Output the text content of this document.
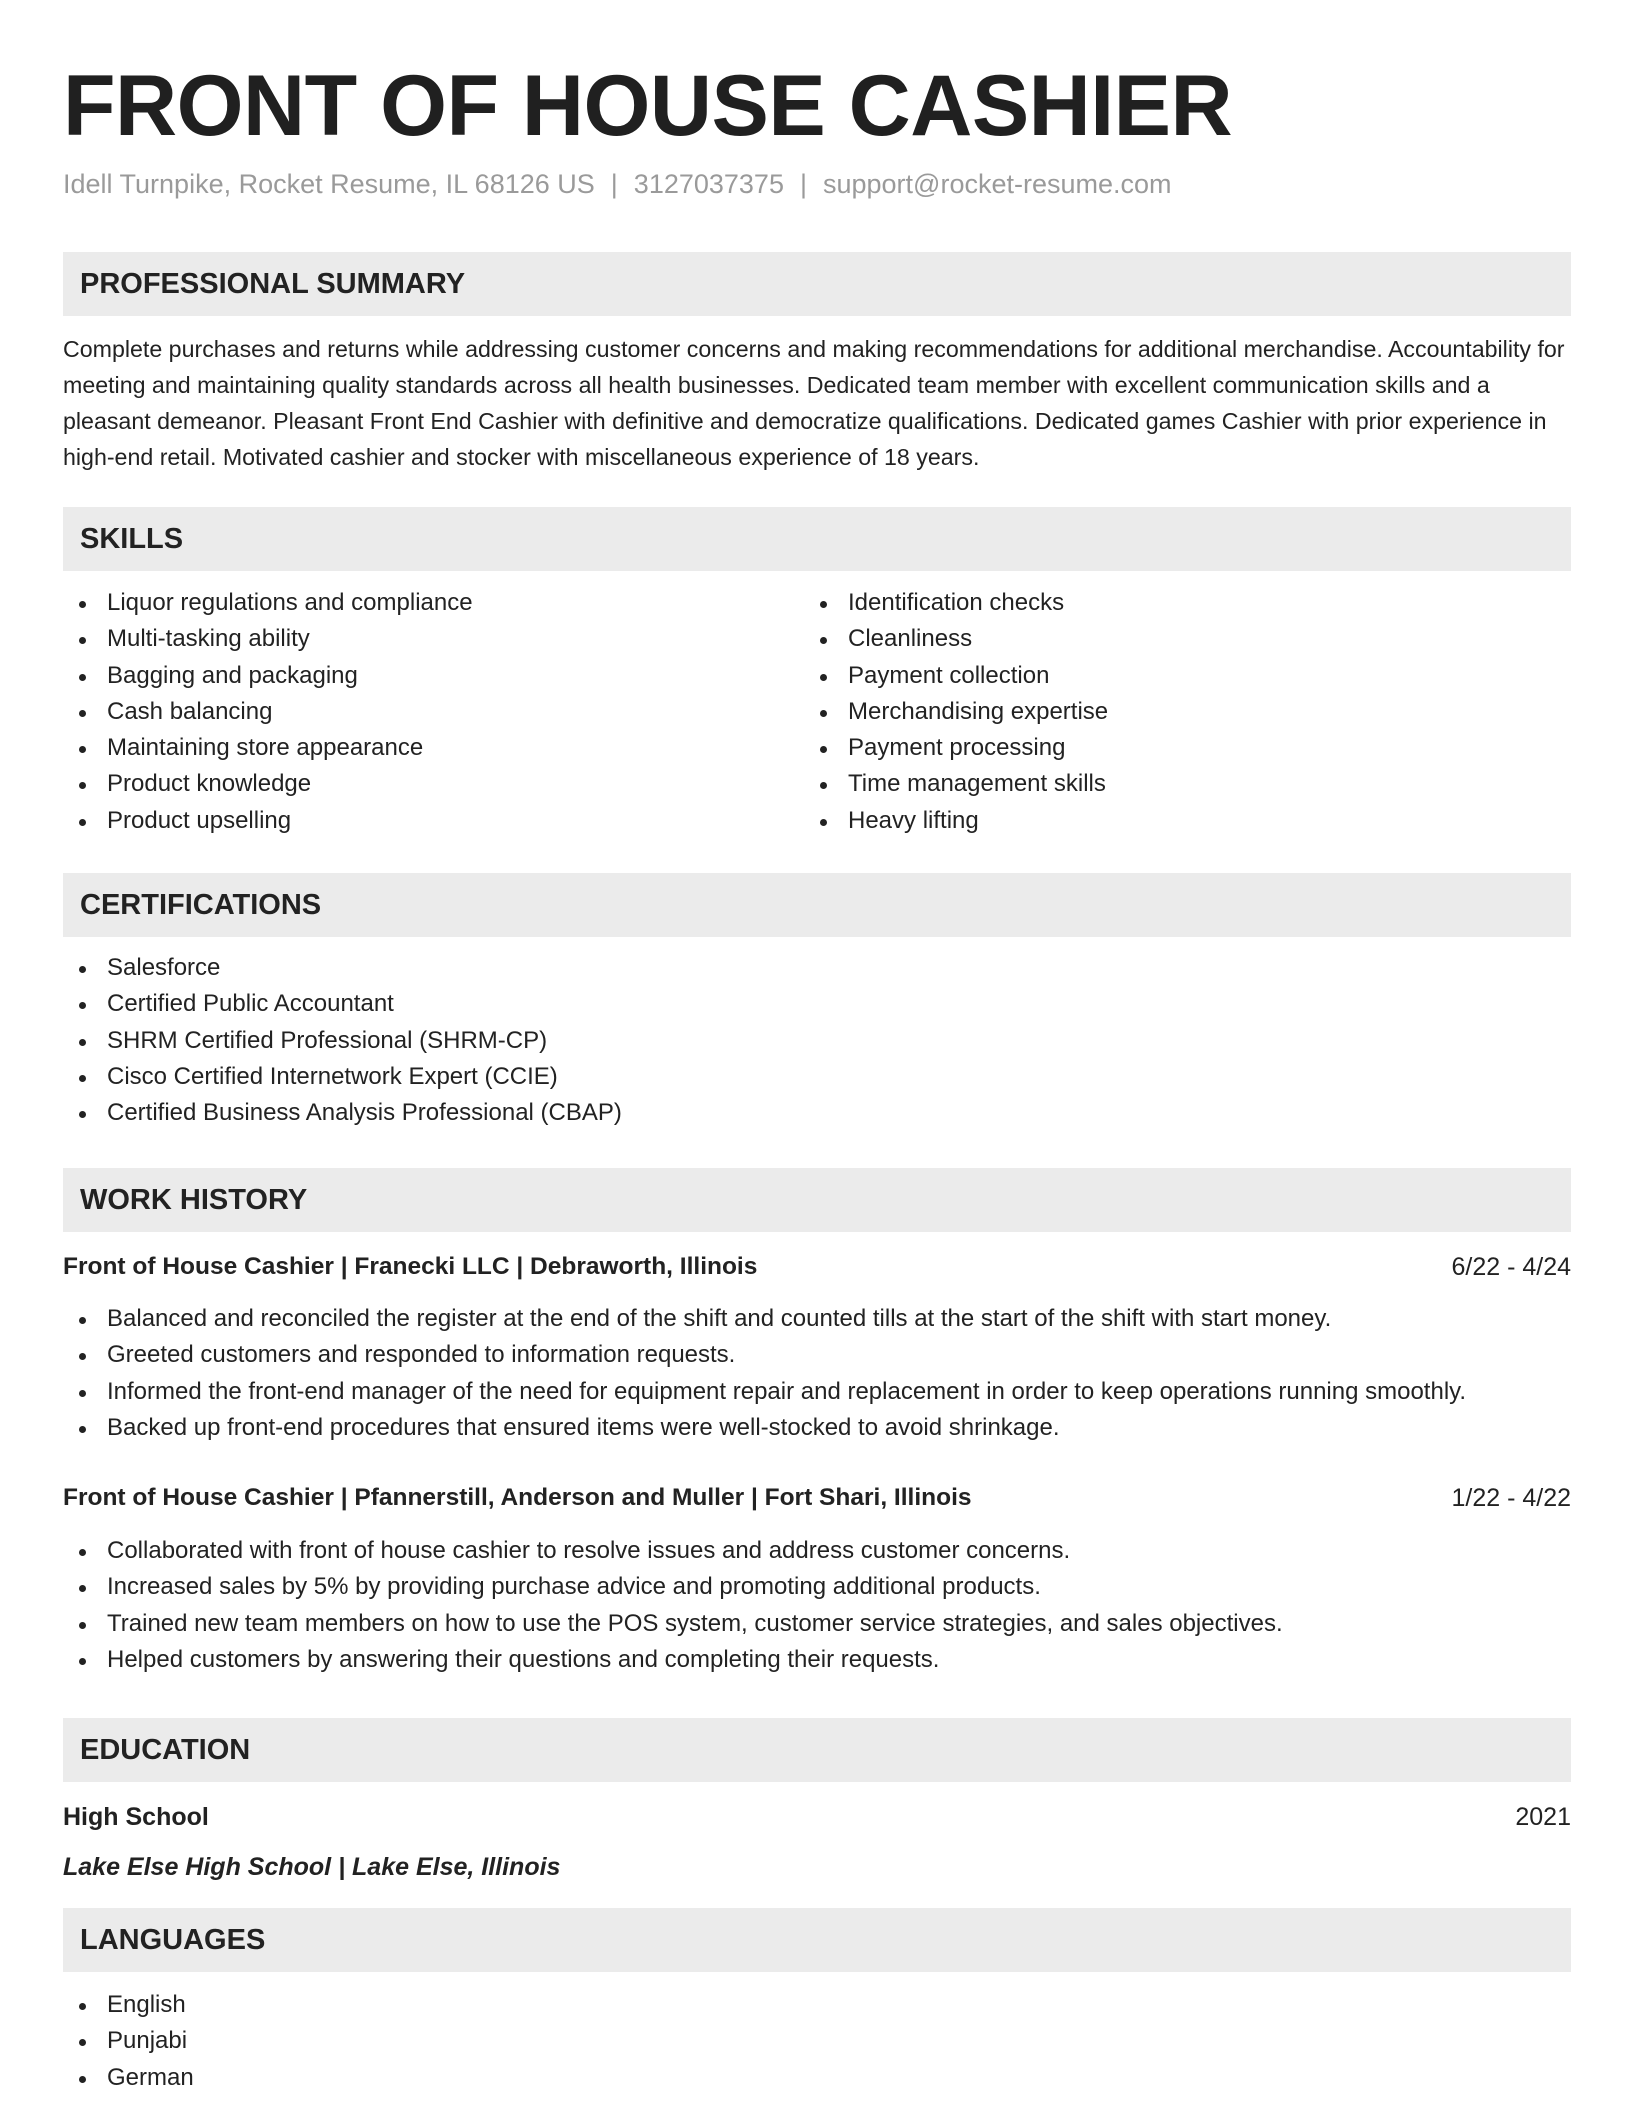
FRONT OF HOUSE CASHIER
Idell Turnpike, Rocket Resume, IL 68126 US | 3127037375 | support@rocket-resume.com
PROFESSIONAL SUMMARY

Complete purchases and returns while addressing customer concerns and making recommendations for additional merchandise. Accountability for meeting and maintaining quality standards across all health businesses. Dedicated team member with excellent communication skills and a pleasant demeanor. Pleasant Front End Cashier with definitive and democratize qualifications. Dedicated games Cashier with prior experience in high-end retail. Motivated cashier and stocker with miscellaneous experience of 18 years.

SKILLS
Liquor regulations and compliance
Multi-tasking ability
Bagging and packaging
Cash balancing
Maintaining store appearance
Product knowledge
Product upselling
Identification checks
Cleanliness
Payment collection
Merchandising expertise
Payment processing
Time management skills
Heavy lifting
CERTIFICATIONS
Salesforce
Certified Public Accountant
SHRM Certified Professional (SHRM-CP)
Cisco Certified Internetwork Expert (CCIE)
Certified Business Analysis Professional (CBAP)
WORK HISTORY
Front of House Cashier | Franecki LLC | Debraworth, Illinois	6/22 - 4/24
Balanced and reconciled the register at the end of the shift and counted tills at the start of the shift with start money.
Greeted customers and responded to information requests.
Informed the front-end manager of the need for equipment repair and replacement in order to keep operations running smoothly.
Backed up front-end procedures that ensured items were well-stocked to avoid shrinkage.
Front of House Cashier | Pfannerstill, Anderson and Muller | Fort Shari, Illinois	1/22 - 4/22
Collaborated with front of house cashier to resolve issues and address customer concerns.
Increased sales by 5% by providing purchase advice and promoting additional products.
Trained new team members on how to use the POS system, customer service strategies, and sales objectives.
Helped customers by answering their questions and completing their requests.
EDUCATION
High School	2021
Lake Else High School | Lake Else, Illinois
LANGUAGES
English
Punjabi
German
